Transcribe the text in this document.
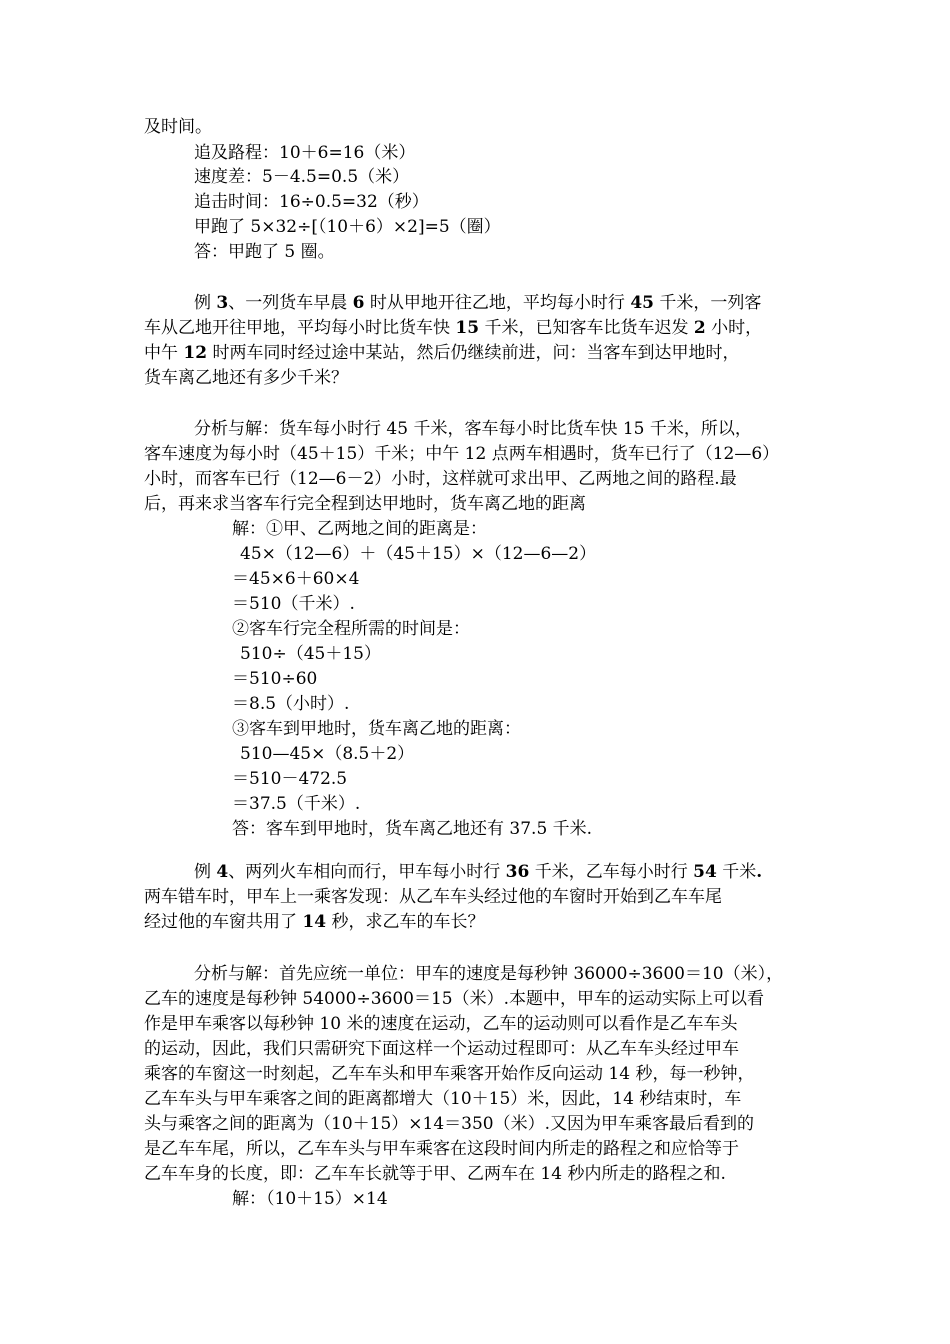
及时间。
追及路程：10＋6=16（米）
速度差：5－4.5=0.5（米）
追击时间：16÷0.5=32（秒）
甲跑了 5×32÷[（10＋6）×2]=5（圈）
答：甲跑了 5 圈。
例 3、一列货车早晨 6 时从甲地开往乙地，平均每小时行 45 千米，一列客
车从乙地开往甲地，平均每小时比货车快 15 千米，已知客车比货车迟发 2 小时，
中午 12 时两车同时经过途中某站，然后仍继续前进，问：当客车到达甲地时，
货车离乙地还有多少千米？
分析与解：货车每小时行 45 千米，客车每小时比货车快 15 千米，所以，
客车速度为每小时（45＋15）千米；中午 12 点两车相遇时，货车已行了（12—6）
小时，而客车已行（12—6－2）小时，这样就可求出甲、乙两地之间的路程.最
后，再来求当客车行完全程到达甲地时，货车离乙地的距离
解：①甲、乙两地之间的距离是：
45×（12—6）＋（45＋15）×（12—6—2）
＝45×6＋60×4
＝510（千米）.
②客车行完全程所需的时间是：
510÷（45＋15）
＝510÷60
＝8.5（小时）.
③客车到甲地时，货车离乙地的距离：
510—45×（8.5＋2）
＝510－472.5
＝37.5（千米）.
答：客车到甲地时，货车离乙地还有 37.5 千米.
例 4、两列火车相向而行，甲车每小时行 36 千米，乙车每小时行 54 千米.
两车错车时，甲车上一乘客发现：从乙车车头经过他的车窗时开始到乙车车尾
经过他的车窗共用了 14 秒，求乙车的车长？
分析与解：首先应统一单位：甲车的速度是每秒钟 36000÷3600＝10（米），
乙车的速度是每秒钟 54000÷3600＝15（米）.本题中，甲车的运动实际上可以看
作是甲车乘客以每秒钟 10 米的速度在运动，乙车的运动则可以看作是乙车车头
的运动，因此，我们只需研究下面这样一个运动过程即可：从乙车车头经过甲车
乘客的车窗这一时刻起，乙车车头和甲车乘客开始作反向运动 14 秒，每一秒钟，
乙车车头与甲车乘客之间的距离都增大（10＋15）米，因此，14 秒结束时，车
头与乘客之间的距离为（10＋15）×14＝350（米）.又因为甲车乘客最后看到的
是乙车车尾，所以，乙车车头与甲车乘客在这段时间内所走的路程之和应恰等于
乙车车身的长度，即：乙车车长就等于甲、乙两车在 14 秒内所走的路程之和.
解：（10＋15）×14
